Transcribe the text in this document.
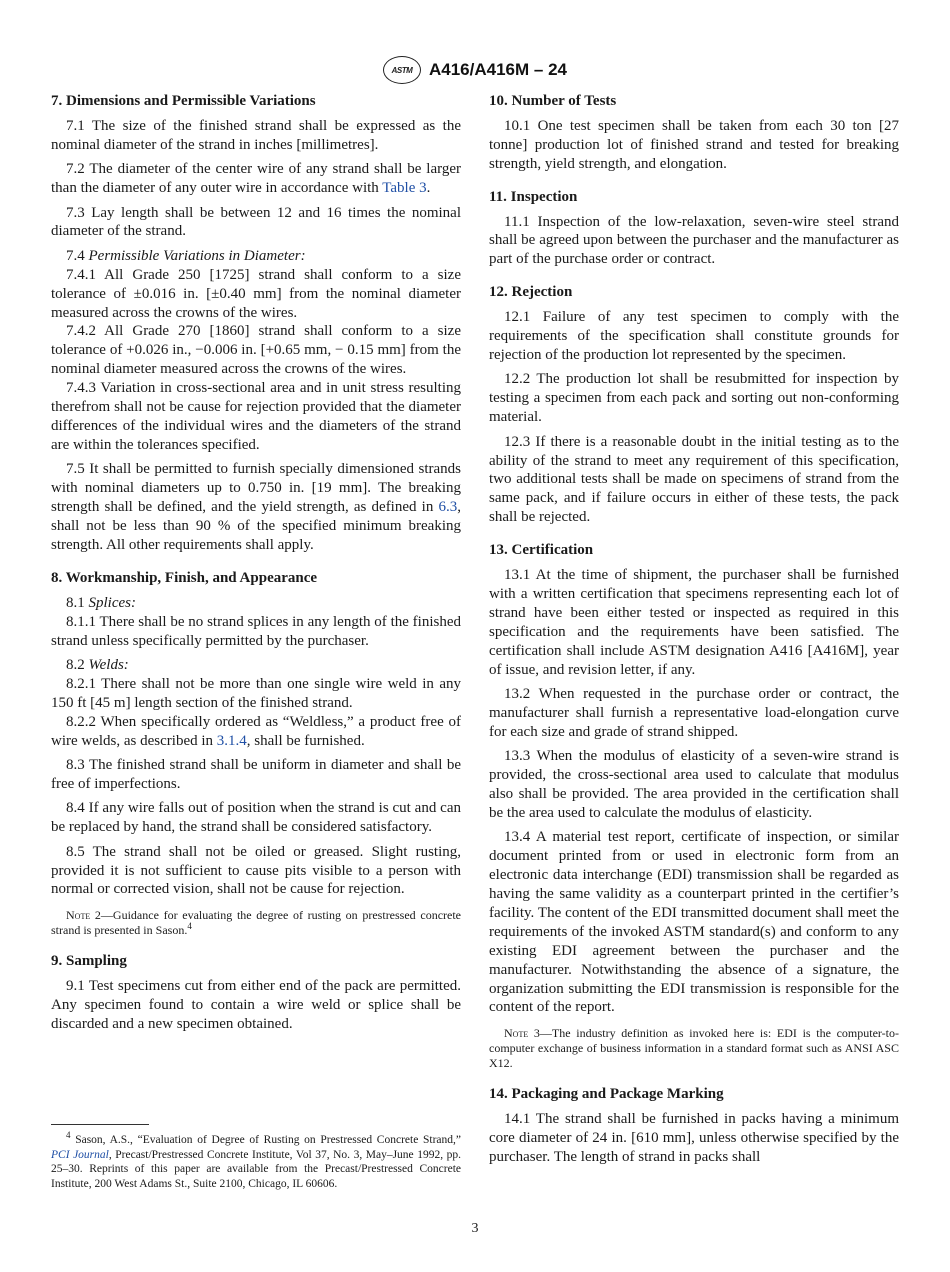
ASTM A416/A416M – 24
7. Dimensions and Permissible Variations

7.1 The size of the finished strand shall be expressed as the nominal diameter of the strand in inches [millimetres].

7.2 The diameter of the center wire of any strand shall be larger than the diameter of any outer wire in accordance with Table 3.

7.3 Lay length shall be between 12 and 16 times the nominal diameter of the strand.

7.4 Permissible Variations in Diameter:

7.4.1 All Grade 250 [1725] strand shall conform to a size tolerance of ±0.016 in. [±0.40 mm] from the nominal diameter measured across the crowns of the wires.

7.4.2 All Grade 270 [1860] strand shall conform to a size tolerance of +0.026 in., −0.006 in. [+0.65 mm, − 0.15 mm] from the nominal diameter measured across the crowns of the wires.

7.4.3 Variation in cross-sectional area and in unit stress resulting therefrom shall not be cause for rejection provided that the diameter differences of the individual wires and the diameters of the strand are within the tolerances specified.

7.5 It shall be permitted to furnish specially dimensioned strands with nominal diameters up to 0.750 in. [19 mm]. The breaking strength shall be defined, and the yield strength, as defined in 6.3, shall not be less than 90 % of the specified minimum breaking strength. All other requirements shall apply.

8. Workmanship, Finish, and Appearance

8.1 Splices:

8.1.1 There shall be no strand splices in any length of the finished strand unless specifically permitted by the purchaser.

8.2 Welds:

8.2.1 There shall not be more than one single wire weld in any 150 ft [45 m] length section of the finished strand.

8.2.2 When specifically ordered as “Weldless,” a product free of wire welds, as described in 3.1.4, shall be furnished.

8.3 The finished strand shall be uniform in diameter and shall be free of imperfections.

8.4 If any wire falls out of position when the strand is cut and can be replaced by hand, the strand shall be considered satisfactory.

8.5 The strand shall not be oiled or greased. Slight rusting, provided it is not sufficient to cause pits visible to a person with normal or corrected vision, shall not be cause for rejection.

Note 2—Guidance for evaluating the degree of rusting on prestressed concrete strand is presented in Sason.$^4$

9. Sampling

9.1 Test specimens cut from either end of the pack are permitted. Any specimen found to contain a wire weld or splice shall be discarded and a new specimen obtained.

$^4$ Sason, A.S., “Evaluation of Degree of Rusting on Prestressed Concrete Strand,” PCI Journal, Precast/Prestressed Concrete Institute, Vol 37, No. 3, May–June 1992, pp. 25–30. Reprints of this paper are available from the Precast/Prestressed Concrete Institute, 200 West Adams St., Suite 2100, Chicago, IL 60606.

10. Number of Tests

10.1 One test specimen shall be taken from each 30 ton [27 tonne] production lot of finished strand and tested for breaking strength, yield strength, and elongation.

11. Inspection

11.1 Inspection of the low-relaxation, seven-wire steel strand shall be agreed upon between the purchaser and the manufacturer as part of the purchase order or contract.

12. Rejection

12.1 Failure of any test specimen to comply with the requirements of the specification shall constitute grounds for rejection of the production lot represented by the specimen.

12.2 The production lot shall be resubmitted for inspection by testing a specimen from each pack and sorting out non-conforming material.

12.3 If there is a reasonable doubt in the initial testing as to the ability of the strand to meet any requirement of this specification, two additional tests shall be made on specimens of strand from the same pack, and if failure occurs in either of these tests, the pack shall be rejected.

13. Certification

13.1 At the time of shipment, the purchaser shall be furnished with a written certification that specimens representing each lot of strand have been either tested or inspected as required in this specification and the requirements have been satisfied. The certification shall include ASTM designation A416 [A416M], year of issue, and revision letter, if any.

13.2 When requested in the purchase order or contract, the manufacturer shall furnish a representative load-elongation curve for each size and grade of strand shipped.

13.3 When the modulus of elasticity of a seven-wire strand is provided, the cross-sectional area used to calculate that modulus also shall be provided. The area provided in the certification shall be the area used to calculate the modulus of elasticity.

13.4 A material test report, certificate of inspection, or similar document printed from or used in electronic form from an electronic data interchange (EDI) transmission shall be regarded as having the same validity as a counterpart printed in the certifier’s facility. The content of the EDI transmitted document shall meet the requirements of the invoked ASTM standard(s) and conform to any existing EDI agreement between the purchaser and the manufacturer. Notwithstanding the absence of a signature, the organization submitting the EDI transmission is responsible for the content of the report.

Note 3—The industry definition as invoked here is: EDI is the computer-to-computer exchange of business information in a standard format such as ANSI ASC X12.

14. Packaging and Package Marking

14.1 The strand shall be furnished in packs having a minimum core diameter of 24 in. [610 mm], unless otherwise specified by the purchaser. The length of strand in packs shall

3
